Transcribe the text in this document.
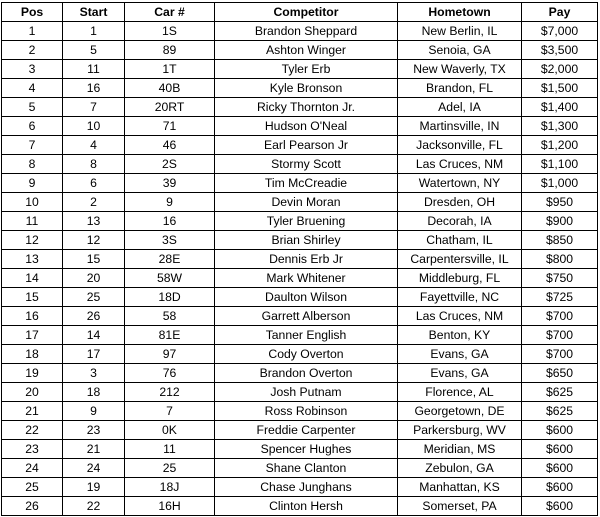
Pos	Start	Car #	Competitor	Hometown	Pay
1	1	1S	Brandon Sheppard	New Berlin, IL	$7,000
2	5	89	Ashton Winger	Senoia, GA	$3,500
3	11	1T	Tyler Erb	New Waverly, TX	$2,000
4	16	40B	Kyle Bronson	Brandon, FL	$1,500
5	7	20RT	Ricky Thornton Jr.	Adel, IA	$1,400
6	10	71	Hudson O'Neal	Martinsville, IN	$1,300
7	4	46	Earl Pearson Jr	Jacksonville, FL	$1,200
8	8	2S	Stormy Scott	Las Cruces, NM	$1,100
9	6	39	Tim McCreadie	Watertown, NY	$1,000
10	2	9	Devin Moran	Dresden, OH	$950
11	13	16	Tyler Bruening	Decorah, IA	$900
12	12	3S	Brian Shirley	Chatham, IL	$850
13	15	28E	Dennis Erb Jr	Carpentersville, IL	$800
14	20	58W	Mark Whitener	Middleburg, FL	$750
15	25	18D	Daulton Wilson	Fayettville, NC	$725
16	26	58	Garrett Alberson	Las Cruces, NM	$700
17	14	81E	Tanner English	Benton, KY	$700
18	17	97	Cody Overton	Evans, GA	$700
19	3	76	Brandon Overton	Evans, GA	$650
20	18	212	Josh Putnam	Florence, AL	$625
21	9	7	Ross Robinson	Georgetown, DE	$625
22	23	0K	Freddie Carpenter	Parkersburg, WV	$600
23	21	11	Spencer Hughes	Meridian, MS	$600
24	24	25	Shane Clanton	Zebulon, GA	$600
25	19	18J	Chase Junghans	Manhattan, KS	$600
26	22	16H	Clinton Hersh	Somerset, PA	$600
